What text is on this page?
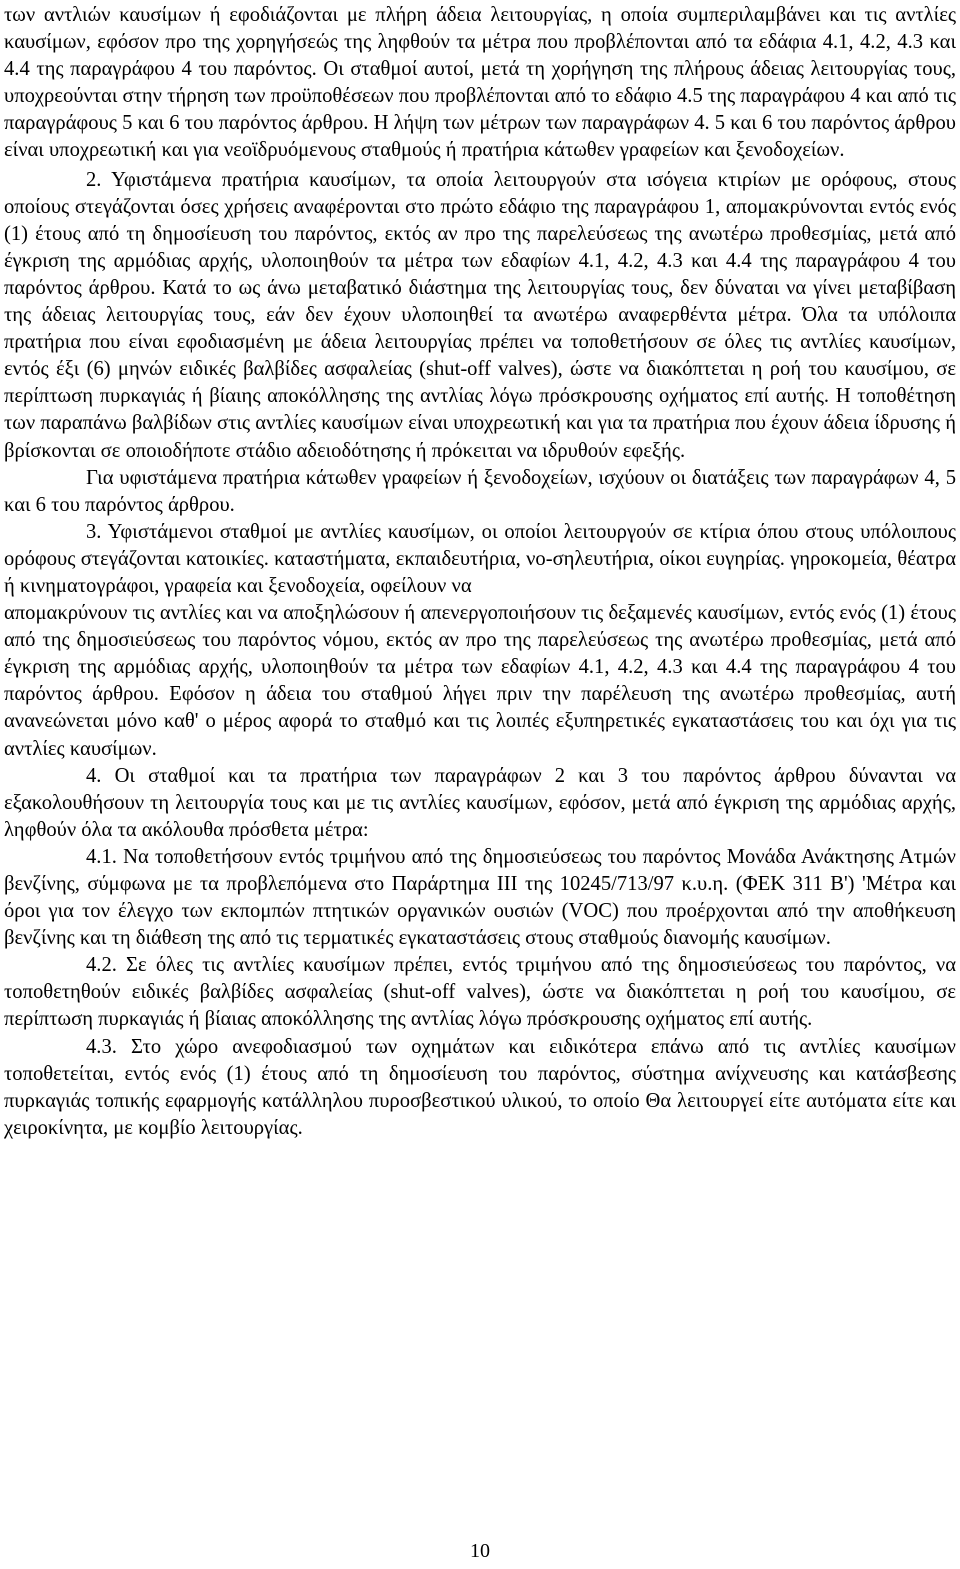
των αντλιών καυσίμων ή εφοδιάζονται με πλήρη άδεια λειτουργίας, η οποία συμπεριλαμβάνει και τις αντλίες καυσίμων, εφόσον προ της χορηγήσεώς της ληφθούν τα μέτρα που προβλέπονται από τα εδάφια 4.1, 4.2, 4.3 και 4.4 της παραγράφου 4 του παρόντος. Οι σταθμοί αυτοί, μετά τη χορήγηση της πλήρους άδειας λειτουργίας τους, υποχρεούνται στην τήρηση των προϋποθέσεων που προβλέπονται από το εδάφιο 4.5 της παραγράφου 4 και από τις παραγράφους 5 και 6 του παρόντος άρθρου. Η λήψη των μέτρων των παραγράφων 4. 5 και 6 του παρόντος άρθρου είναι υποχρεωτική και για νεοϊδρυόμενους σταθμούς ή πρατήρια κάτωθεν γραφείων και ξενοδοχείων.

2. Υφιστάμενα πρατήρια καυσίμων, τα οποία λειτουργούν στα ισόγεια κτιρίων με ορόφους, στους οποίους στεγάζονται όσες χρήσεις αναφέρονται στο πρώτο εδάφιο της παραγράφου 1, απομακρύνονται εντός ενός (1) έτους από τη δημοσίευση του παρόντος, εκτός αν προ της παρελεύσεως της ανωτέρω προθεσμίας, μετά από έγκριση της αρμόδιας αρχής, υλοποιηθούν τα μέτρα των εδαφίων 4.1, 4.2, 4.3 και 4.4 της παραγράφου 4 του παρόντος άρθρου. Κατά το ως άνω μεταβατικό διάστημα της λειτουργίας τους, δεν δύναται να γίνει μεταβίβαση της άδειας λειτουργίας τους, εάν δεν έχουν υλοποιηθεί τα ανωτέρω αναφερθέντα μέτρα. Όλα τα υπόλοιπα πρατήρια που είναι εφοδιασμένη με άδεια λειτουργίας πρέπει να τοποθετήσουν σε όλες τις αντλίες καυσίμων, εντός έξι (6) μηνών ειδικές βαλβίδες ασφαλείας (shut-off valves), ώστε να διακόπτεται η ροή του καυσίμου, σε περίπτωση πυρκαγιάς ή βίαιης αποκόλλησης της αντλίας λόγω πρόσκρουσης οχήματος επί αυτής. Η τοποθέτηση των παραπάνω βαλβίδων στις αντλίες καυσίμων είναι υποχρεωτική και για τα πρατήρια που έχουν άδεια ίδρυσης ή βρίσκονται σε οποιοδήποτε στάδιο αδειοδότησης ή πρόκειται να ιδρυθούν εφεξής.

Για υφιστάμενα πρατήρια κάτωθεν γραφείων ή ξενοδοχείων, ισχύουν οι διατάξεις των παραγράφων 4, 5 και 6 του παρόντος άρθρου.

3. Υφιστάμενοι σταθμοί με αντλίες καυσίμων, οι οποίοι λειτουργούν σε κτίρια όπου στους υπόλοιπους ορόφους στεγάζονται κατοικίες. καταστήματα, εκπαιδευτήρια, νο-σηλευτήρια, οίκοι ευγηρίας. γηροκομεία, θέατρα ή κινηματογράφοι, γραφεία και ξενοδοχεία, οφείλουν να

απομακρύνουν τις αντλίες και να αποξηλώσουν ή απενεργοποιήσουν τις δεξαμενές καυσίμων, εντός ενός (1) έτους από της δημοσιεύσεως του παρόντος νόμου, εκτός αν προ της παρελεύσεως της ανωτέρω προθεσμίας, μετά από έγκριση της αρμόδιας αρχής, υλοποιηθούν τα μέτρα των εδαφίων 4.1, 4.2, 4.3 και 4.4 της παραγράφου 4 του παρόντος άρθρου. Εφόσον η άδεια του σταθμού λήγει πριν την παρέλευση της ανωτέρω προθεσμίας, αυτή ανανεώνεται μόνο καθ' ο μέρος αφορά το σταθμό και τις λοιπές εξυπηρετικές εγκαταστάσεις του και όχι για τις αντλίες καυσίμων.

4. Οι σταθμοί και τα πρατήρια των παραγράφων 2 και 3 του παρόντος άρθρου δύνανται να εξακολουθήσουν τη λειτουργία τους και με τις αντλίες καυσίμων, εφόσον, μετά από έγκριση της αρμόδιας αρχής, ληφθούν όλα τα ακόλουθα πρόσθετα μέτρα:

4.1. Να τοποθετήσουν εντός τριμήνου από της δημοσιεύσεως του παρόντος Μονάδα Ανάκτησης Ατμών βενζίνης, σύμφωνα με τα προβλεπόμενα στο Παράρτημα ΙΙΙ της 10245/713/97 κ.υ.η. (ΦΕΚ 311 Β') 'Μέτρα και όροι για τον έλεγχο των εκπομπών πτητικών οργανικών ουσιών (VOC) που προέρχονται από την αποθήκευση βενζίνης και τη διάθεση της από τις τερματικές εγκαταστάσεις στους σταθμούς διανομής καυσίμων.

4.2. Σε όλες τις αντλίες καυσίμων πρέπει, εντός τριμήνου από της δημοσιεύσεως του παρόντος, να τοποθετηθούν ειδικές βαλβίδες ασφαλείας (shut-off valves), ώστε να διακόπτεται η ροή του καυσίμου, σε περίπτωση πυρκαγιάς ή βίαιας αποκόλλησης της αντλίας λόγω πρόσκρουσης οχήματος επί αυτής.

4.3. Στο χώρο ανεφοδιασμού των οχημάτων και ειδικότερα επάνω από τις αντλίες καυσίμων τοποθετείται, εντός ενός (1) έτους από τη δημοσίευση του παρόντος, σύστημα ανίχνευσης και κατάσβεσης πυρκαγιάς τοπικής εφαρμογής κατάλληλου πυροσβεστικού υλικού, το οποίο Θα λειτουργεί είτε αυτόματα είτε και χειροκίνητα, με κομβίο λειτουργίας.

10
